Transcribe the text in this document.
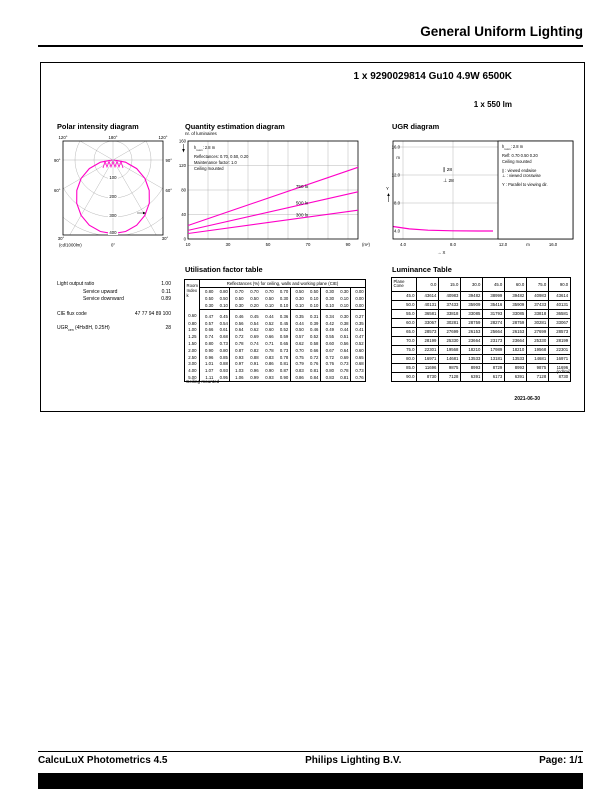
General Uniform Lighting
1 x 9290029814 Gu10 4.9W 6500K
1 x 550 lm
Polar intensity diagram
100
200
300
400
120°	180°	120°
90°	90°
60°	60°
30°	30°
0°
(cd/1000lm)
Quantity estimation diagram
nr. of luminaires
10	30	50	70	90	(m²)
0
40
80
120
160
750 lx
500 lx
300 lx
$h_{room}$: 2.8 m
Reflectances: 0.70, 0.50, 0.20
Maintenance factor: 1.0
Ceiling mounted
UGR diagram
4.0	8.0	12.0	16.0
m
→ X
4.0
8.0
12.0
16.0
m
Y
∥ 28
⊥ 28
$h_{room}$: 2.8 m
Refl: 0.70 0.50 0.20
Ceiling mounted
∥ : viewed endwise
⊥ : viewed crosswise
Y : Parallel to viewing dir.
Light output ratio	1.00
Service upward	0.11
Service downward	0.89
CIE flux code	47 77 94 89 100
$UGR_{cen}$ (4Hx8H, 0.25H)	28
Utilisation factor table
Room
Index
k	Reflectances (%) for ceiling, walls and working plane (CIE)										
	0.80	0.80	0.70	0.70	0.70	0.70	0.50	0.50	0.30	0.30	0.00
	0.50	0.50	0.50	0.50	0.50	0.30	0.30	0.10	0.30	0.10	0.00
	0.30	0.10	0.30	0.20	0.10	0.10	0.10	0.10	0.10	0.10	0.00
0.60	0.47	0.45	0.46	0.45	0.44	0.36	0.35	0.31	0.34	0.30	0.27
0.80	0.57	0.54	0.56	0.54	0.52	0.45	0.44	0.39	0.42	0.38	0.35
1.00	0.66	0.61	0.64	0.62	0.60	0.52	0.50	0.46	0.49	0.44	0.41
1.25	0.74	0.68	0.72	0.69	0.66	0.59	0.57	0.52	0.55	0.51	0.47
1.50	0.80	0.73	0.78	0.74	0.71	0.65	0.62	0.58	0.60	0.56	0.52
2.00	0.90	0.80	0.87	0.82	0.78	0.73	0.70	0.66	0.67	0.64	0.60
2.50	0.96	0.85	0.93	0.88	0.83	0.78	0.75	0.72	0.72	0.69	0.65
3.00	1.01	0.88	0.97	0.91	0.86	0.81	0.79	0.76	0.76	0.73	0.68
4.00	1.07	0.93	1.03	0.96	0.90	0.87	0.83	0.81	0.80	0.78	0.73
5.00	1.11	0.95	1.06	0.99	0.93	0.90	0.86	0.84	0.83	0.81	0.76
Ceiling mounted
Luminance Table
Plane
Cone	0.0	15.0	30.0	45.0	60.0	75.0	90.0
45.0	43614	40983	39482	38999	39482	40983	43614
50.0	40131	37433	35909	35416	35909	37433	40131
55.0	36581	33818	33085	31793	33085	33818	36581
60.0	33067	30281	28759	28274	28759	30281	33067
65.0	28573	27699	26153	25664	26153	27699	28573
70.0	28199	25330	23664	23173	23664	25330	28199
75.0	22301	19568	18210	17989	18210	19568	22301
80.0	16971	14681	13533	13181	13533	14681	16971
85.0	11696	9875	8993	8729	8993	9875	11696
90.0	8730	7128	6391	6173	6391	7128	8730
(cd/m²)
2021-06-30
CalcuLuX Photometrics 4.5	Philips Lighting B.V.	Page: 1/1
